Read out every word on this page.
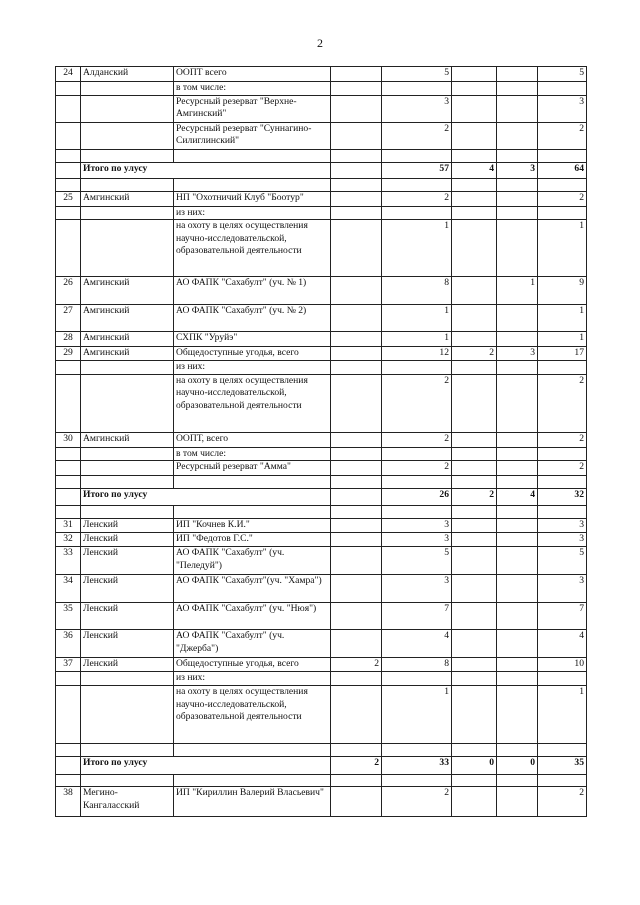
2
24	Алданский	ООПТ всего		5			5
		в том числе:					
		Ресурсный резерват "Верхне-Амгинский"		3			3
		Ресурсный резерват "Суннагино-Силиглинский"		2			2

	Итого по улусу			57	4	3	64

25	Амгинский	НП "Охотничий Клуб "Боотур"		2			2
		из них:					
		на охоту в целях осуществления научно-исследовательской, образовательной деятельности		1			1
26	Амгинский	АО ФАПК "Сахабулт" (уч. № 1)		8		1	9
27	Амгинский	АО ФАПК "Сахабулт" (уч. № 2)		1			1
28	Амгинский	СХПК "Уруйэ"		1			1
29	Амгинский	Общедоступные угодья, всего		12	2	3	17
		из них:					
		на охоту в целях осуществления научно-исследовательской, образовательной деятельности		2			2
30	Амгинский	ООПТ, всего		2			2
		в том числе:					
		Ресурсный резерват "Амма"		2			2

	Итого по улусу			26	2	4	32

31	Ленский	ИП "Кочнев К.И."		3			3
32	Ленский	ИП "Федотов Г.С."		3			3
33	Ленский	АО ФАПК "Сахабулт" (уч. "Пеледуй")		5			5
34	Ленский	АО ФАПК "Сахабулт"(уч. "Хамра")		3			3
35	Ленский	АО ФАПК "Сахабулт" (уч. "Нюя")		7			7
36	Ленский	АО ФАПК "Сахабулт" (уч. "Джерба")		4			4
37	Ленский	Общедоступные угодья, всего	2	8			10
		из них:					
		на охоту в целях осуществления научно-исследовательской, образовательной деятельности		1			1

	Итого по улусу		2	33	0	0	35

38	Мегино-Кангаласский	ИП "Кириллин Валерий Власьевич"		2			2
